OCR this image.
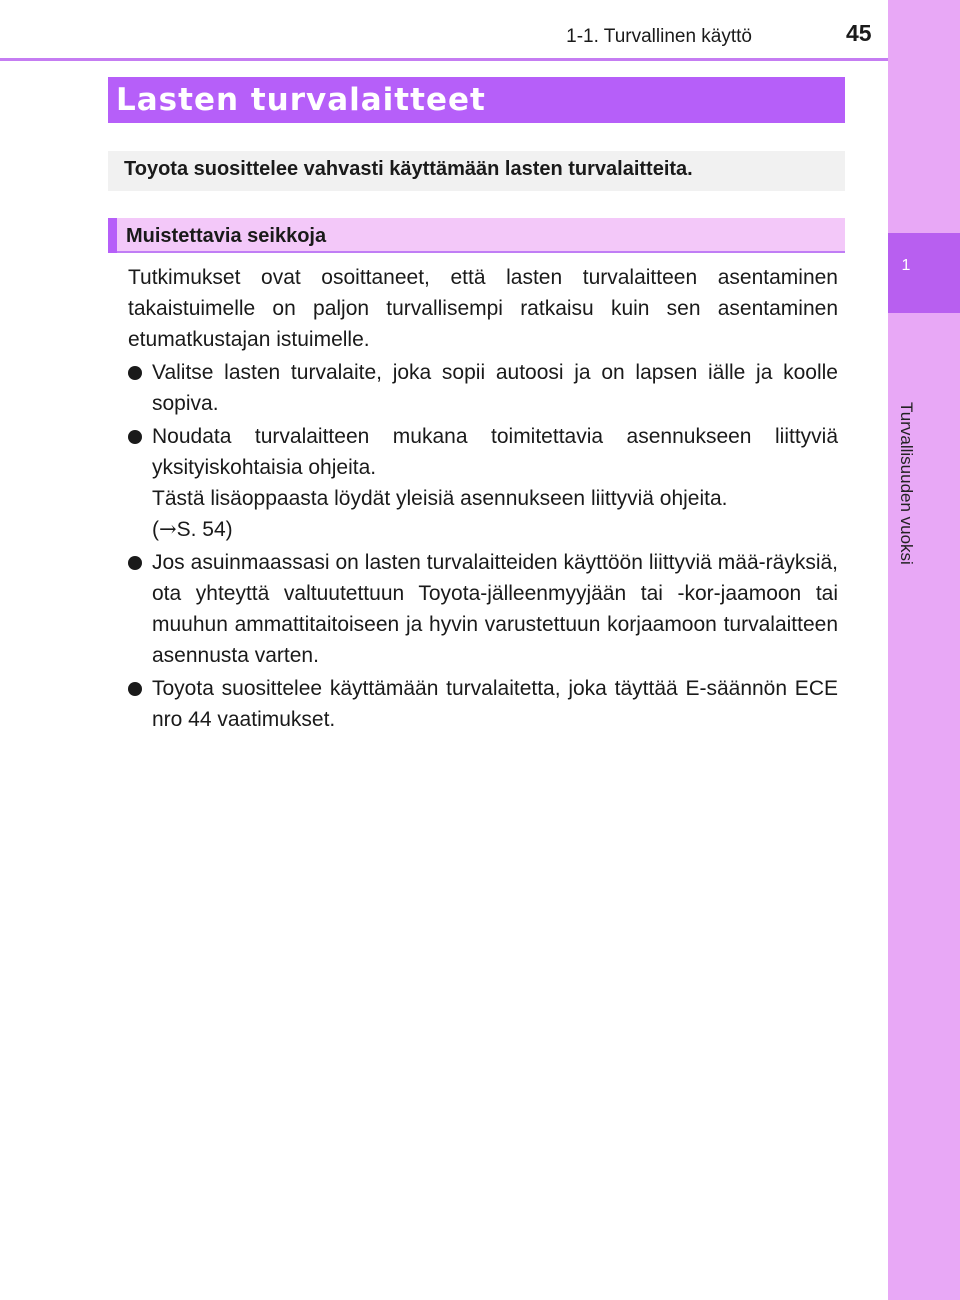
1
1-1. Turvallinen käyttö	45
Lasten turvalaitteet
Toyota suosittelee vahvasti käyttämään lasten turvalaitteita.
Muistettavia seikkoja

Tutkimukset ovat osoittaneet, että lasten turvalaitteen asentaminen takaistuimelle on paljon turvallisempi ratkaisu kuin sen asentaminen etumatkustajan istuimelle.

Valitse lasten turvalaite, joka sopii autoosi ja on lapsen iälle ja koolle sopiva.
Noudata turvalaitteen mukana toimitettavia asennukseen liittyviä yksityiskohtaisia ohjeita.
Tästä lisäoppaasta löydät yleisiä asennukseen liittyviä ohjeita.
(→S. 54)
Jos asuinmaassasi on lasten turvalaitteiden käyttöön liittyviä mää-räyksiä, ota yhteyttä valtuutettuun Toyota-jälleenmyyjään tai -kor-jaamoon tai muuhun ammattitaitoiseen ja hyvin varustettuun korjaamoon turvalaitteen asennusta varten.
Toyota suosittelee käyttämään turvalaitetta, joka täyttää E-säännön ECE nro 44 vaatimukset.
